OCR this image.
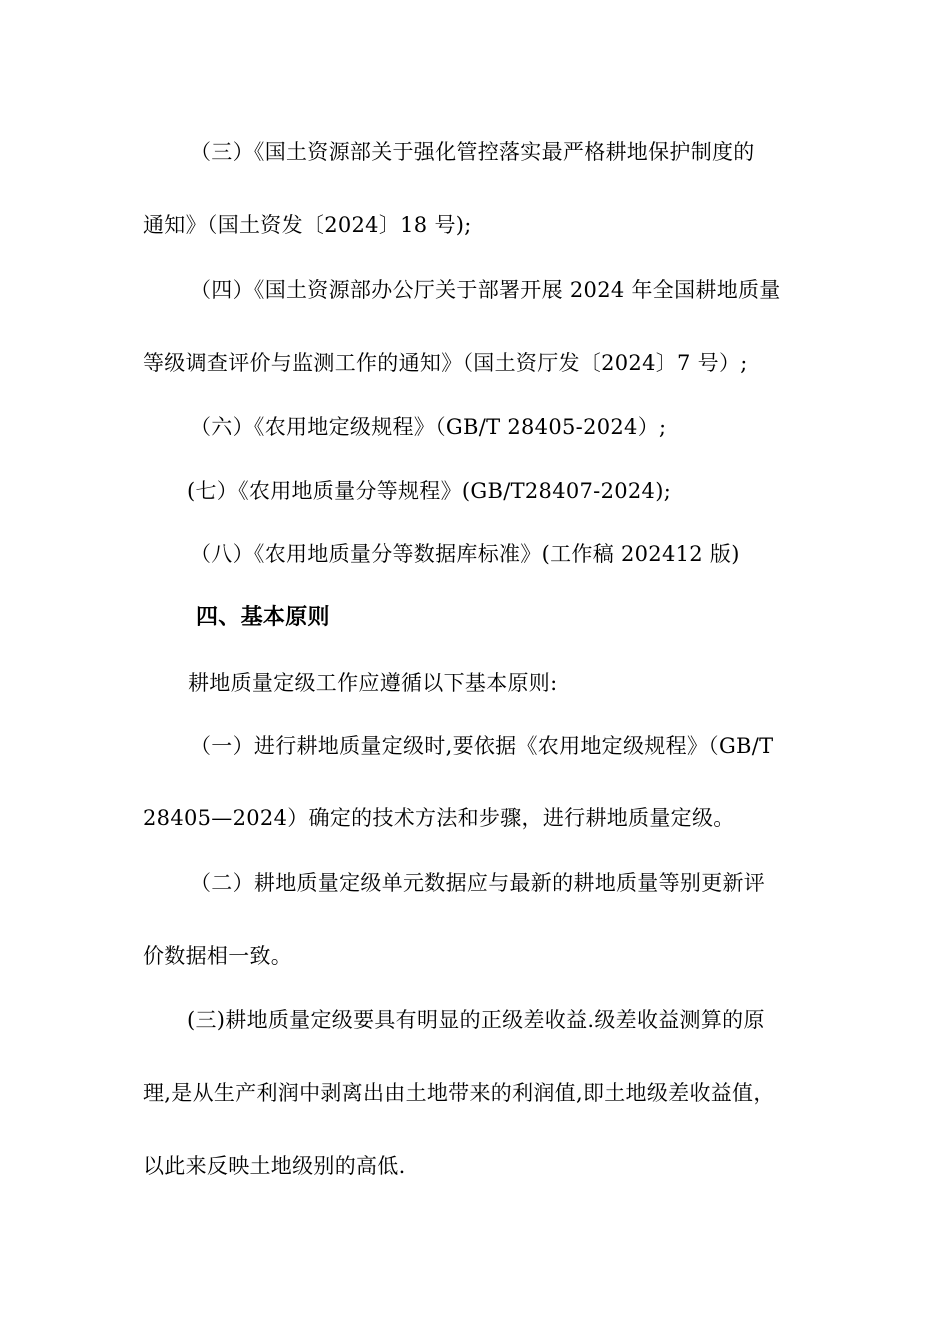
（三）《国土资源部关于强化管控落实最严格耕地保护制度的
通知》（国土资发〔2024〕18 号);
（四）《国土资源部办公厅关于部署开展 2024 年全国耕地质量
等级调查评价与监测工作的通知》（国土资厅发〔2024〕7 号）;
（六）《农用地定级规程》（GB/T 28405-2024）;
(七）《农用地质量分等规程》(GB/T28407-2024);
（八）《农用地质量分等数据库标准》(工作稿 202412 版)
四、基本原则
耕地质量定级工作应遵循以下基本原则:
（一）进行耕地质量定级时,要依据《农用地定级规程》（GB/T
28405—2024）确定的技术方法和步骤，进行耕地质量定级。
（二）耕地质量定级单元数据应与最新的耕地质量等别更新评
价数据相一致。
(三)耕地质量定级要具有明显的正级差收益.级差收益测算的原
理,是从生产利润中剥离出由土地带来的利润值,即土地级差收益值，
以此来反映土地级别的高低.
